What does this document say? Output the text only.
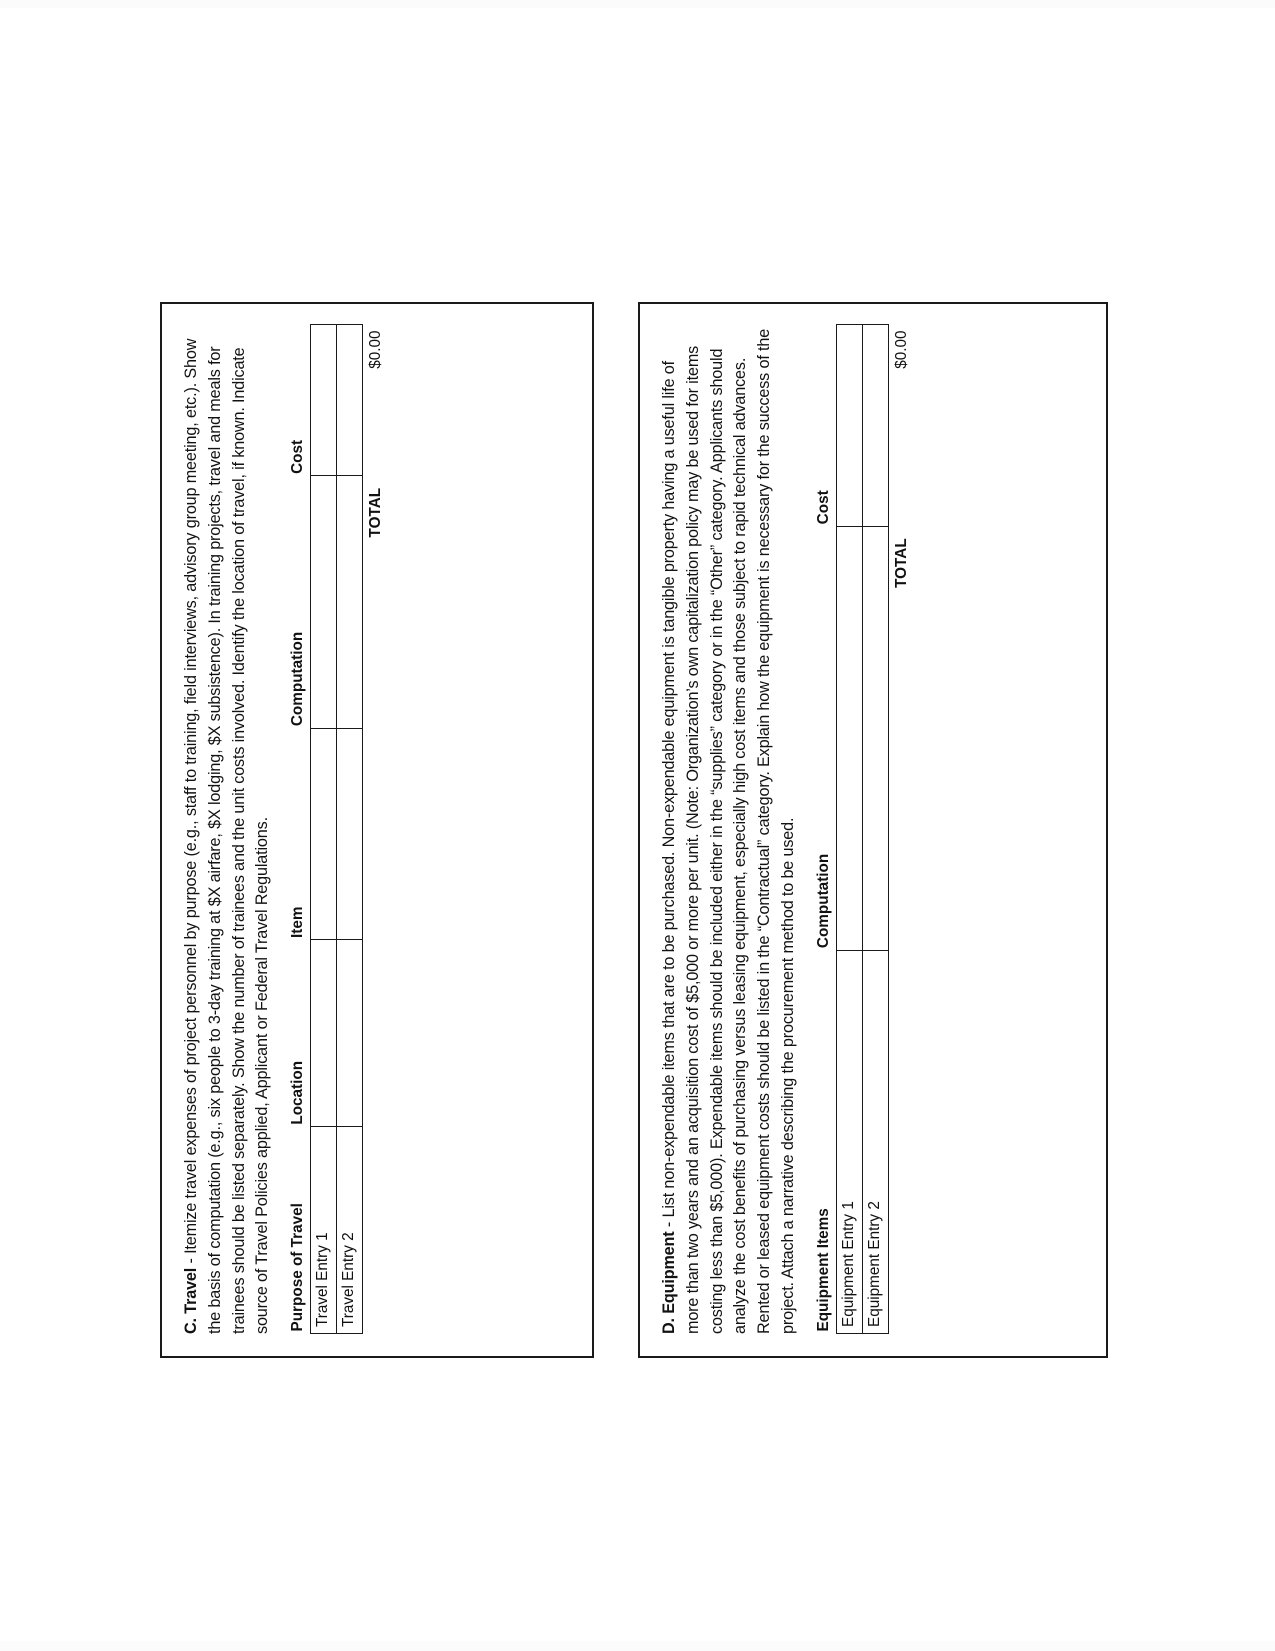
C. Travel - Itemize travel expenses of project personnel by purpose (e.g., staff to training, field interviews, advisory group meeting, etc.). Show the basis of computation (e.g., six people to 3-day training at $X airfare, $X lodging, $X subsistence). In training projects, travel and meals for trainees should be listed separately. Show the number of trainees and the unit costs involved. Identify the location of travel, if known. Indicate source of Travel Policies applied, Applicant or Federal Travel Regulations. Purpose of Travel	Location	Item	Computation	Cost
Travel Entry 1				
Travel Entry 2				
			TOTAL	$0.00

D. Equipment - List non-expendable items that are to be purchased. Non-expendable equipment is tangible property having a useful life of more than two years and an acquisition cost of $5,000 or more per unit. (Note: Organization’s own capitalization policy may be used for items costing less than $5,000). Expendable items should be included either in the “supplies” category or in the “Other” category. Applicants should analyze the cost benefits of purchasing versus leasing equipment, especially high cost items and those subject to rapid technical advances. Rented or leased equipment costs should be listed in the “Contractual” category. Explain how the equipment is necessary for the success of the project. Attach a narrative describing the procurement method to be used. Equipment Items	Computation	Cost
Equipment Entry 1		
Equipment Entry 2		
	TOTAL	$0.00
